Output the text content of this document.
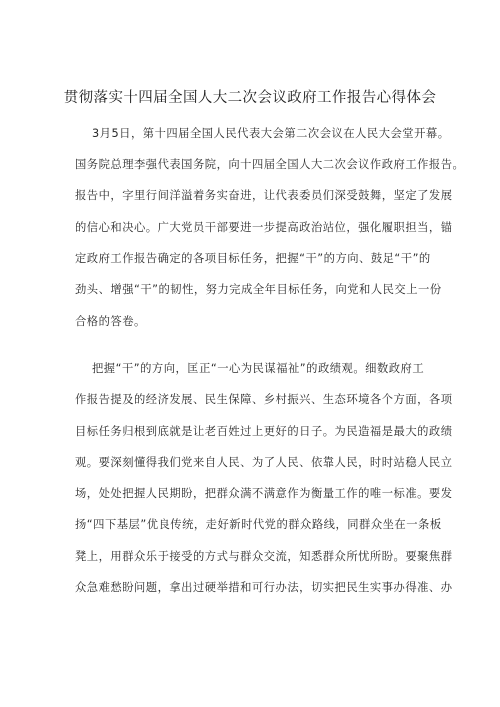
贯彻落实十四届全国人大二次会议政府工作报告心得体会
3月5日，第十四届全国人民代表大会第二次会议在人民大会堂开幕。
国务院总理李强代表国务院，向十四届全国人大二次会议作政府工作报告。
报告中，字里行间洋溢着务实奋进，让代表委员们深受鼓舞，坚定了发展
的信心和决心。广大党员干部要进一步提高政治站位，强化履职担当，锚
定政府工作报告确定的各项目标任务，把握“干”的方向、鼓足“干”的
劲头、增强“干”的韧性，努力完成全年目标任务，向党和人民交上一份
合格的答卷。
把握“干”的方向，匡正“一心为民谋福祉”的政绩观。细数政府工
作报告提及的经济发展、民生保障、乡村振兴、生态环境各个方面，各项
目标任务归根到底就是让老百姓过上更好的日子。为民造福是最大的政绩
观。要深刻懂得我们党来自人民、为了人民、依靠人民，时时站稳人民立
场，处处把握人民期盼，把群众满不满意作为衡量工作的唯一标准。要发
扬“四下基层”优良传统，走好新时代党的群众路线，同群众坐在一条板
凳上，用群众乐于接受的方式与群众交流，知悉群众所忧所盼。要聚焦群
众急难愁盼问题，拿出过硬举措和可行办法，切实把民生实事办得准、办
